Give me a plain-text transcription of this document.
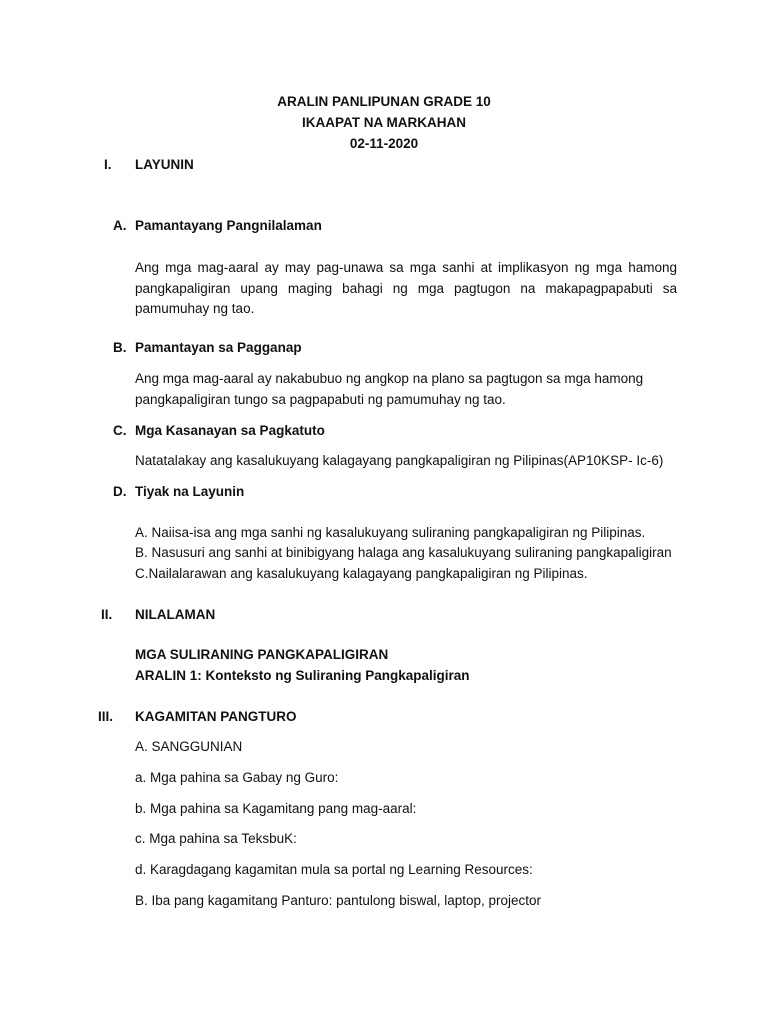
ARALIN PANLIPUNAN GRADE 10
IKAAPAT NA MARKAHAN
02-11-2020
I. LAYUNIN
A. Pamantayang Pangnilalaman
Ang mga mag-aaral ay may pag-unawa sa mga sanhi at implikasyon ng mga hamong pangkapaligiran upang maging bahagi ng mga pagtugon na makapagpapabuti sa pamumuhay ng tao.
B. Pamantayan sa Pagganap
Ang mga mag-aaral ay nakabubuo ng angkop na plano sa pagtugon sa mga hamong
pangkapaligiran tungo sa pagpapabuti ng pamumuhay ng tao.
C. Mga Kasanayan sa Pagkatuto
Natatalakay ang kasalukuyang kalagayang pangkapaligiran ng Pilipinas(AP10KSP- Ic-6)
D. Tiyak na Layunin
A. Naiisa-isa ang mga sanhi ng kasalukuyang suliraning pangkapaligiran ng Pilipinas.
B. Nasusuri ang sanhi at binibigyang halaga ang kasalukuyang suliraning pangkapaligiran
C.Nailalarawan ang kasalukuyang kalagayang pangkapaligiran ng Pilipinas.
II. NILALAMAN
MGA SULIRANING PANGKAPALIGIRAN
ARALIN 1: Konteksto ng Suliraning Pangkapaligiran
III. KAGAMITAN PANGTURO
A. SANGGUNIAN
a. Mga pahina sa Gabay ng Guro:
b. Mga pahina sa Kagamitang pang mag-aaral:
c. Mga pahina sa TeksbuK:
d. Karagdagang kagamitan mula sa portal ng Learning Resources:
B. Iba pang kagamitang Panturo: pantulong biswal, laptop, projector
